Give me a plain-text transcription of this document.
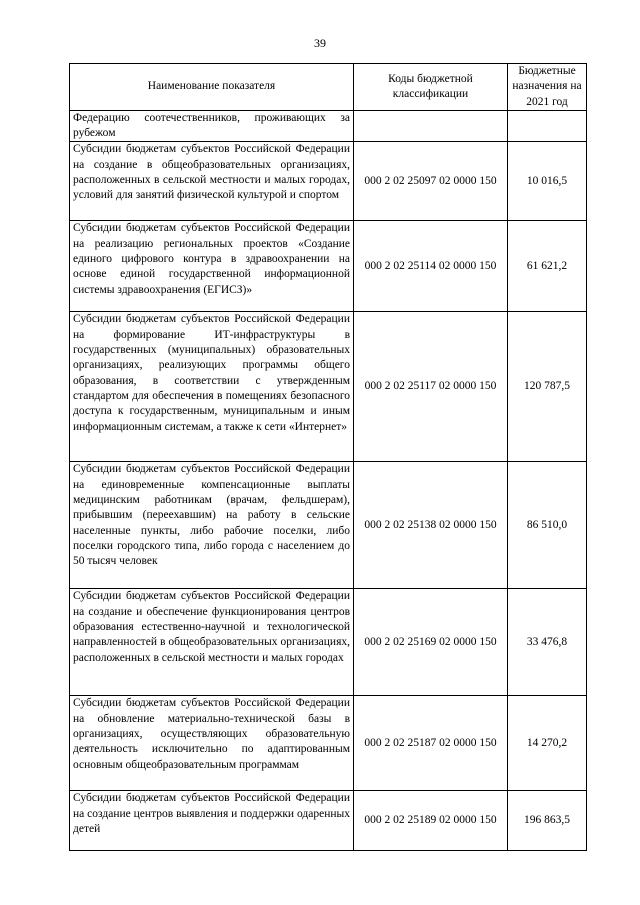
39
Наименование показателя	Коды бюджетной классификации	Бюджетные назначения на 2021 год
Федерацию соотечественников, проживающих за рубежом		
Субсидии бюджетам субъектов Российской Федерации на создание в общеобразовательных организациях, расположенных в сельской местности и малых городах, условий для занятий физической культурой и спортом	000 2 02 25097 02 0000 150	10 016,5
Субсидии бюджетам субъектов Российской Федерации на реализацию региональных проектов «Создание единого цифрового контура в здравоохранении на основе единой государственной информационной системы здравоохранения (ЕГИСЗ)»	000 2 02 25114 02 0000 150	61 621,2
Субсидии бюджетам субъектов Российской Федерации на формирование ИТ-инфраструктуры в государственных (муниципальных) образовательных организациях, реализующих программы общего образования, в соответствии с утвержденным стандартом для обеспечения в помещениях безопасного доступа к государственным, муниципальным и иным информационным системам, а также к сети «Интернет»	000 2 02 25117 02 0000 150	120 787,5
Субсидии бюджетам субъектов Российской Федерации на единовременные компенсационные выплаты медицинским работникам (врачам, фельдшерам), прибывшим (переехавшим) на работу в сельские населенные пункты, либо рабочие поселки, либо поселки городского типа, либо города с населением до 50 тысяч человек	000 2 02 25138 02 0000 150	86 510,0
Субсидии бюджетам субъектов Российской Федерации на создание и обеспечение функционирования центров образования естественно-научной и технологической направленностей в общеобразовательных организациях, расположенных в сельской местности и малых городах	000 2 02 25169 02 0000 150	33 476,8
Субсидии бюджетам субъектов Российской Федерации на обновление материально-технической базы в организациях, осуществляющих образовательную деятельность исключительно по адаптированным основным общеобразовательным программам	000 2 02 25187 02 0000 150	14 270,2
Субсидии бюджетам субъектов Российской Федерации на создание центров выявления и поддержки одаренных детей	000 2 02 25189 02 0000 150	196 863,5
